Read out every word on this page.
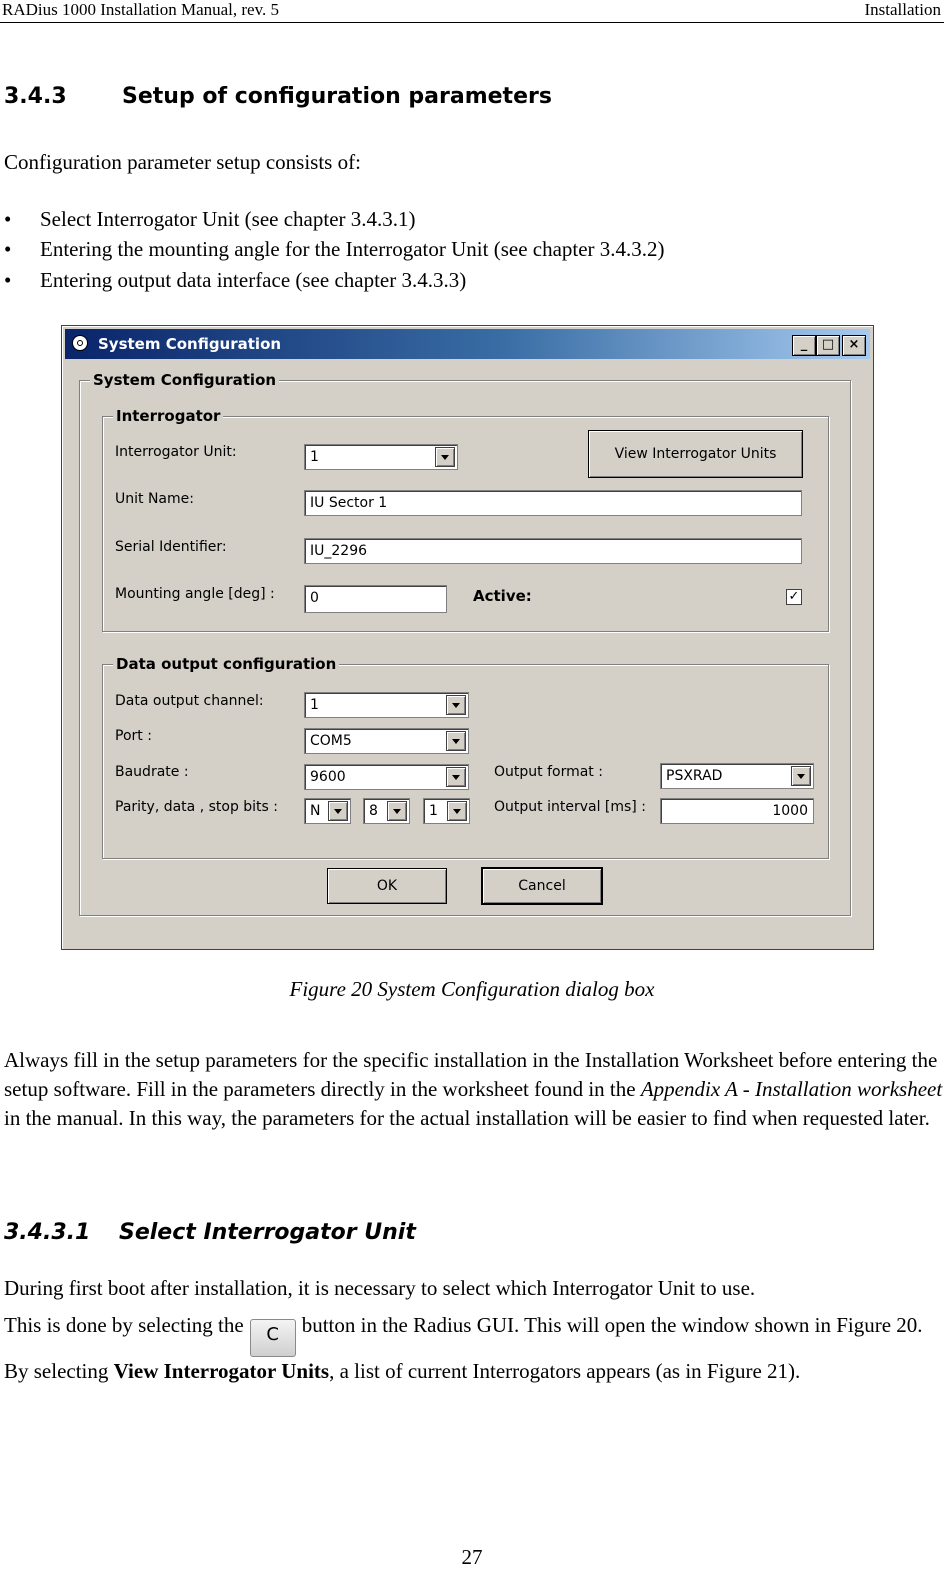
RADius 1000 Installation Manual, rev. 5	Installation
3.4.3	Setup of configuration parameters
Configuration parameter setup consists of:
• Select Interrogator Unit (see chapter 3.4.3.1)
• Entering the mounting angle for the Interrogator Unit (see chapter 3.4.3.2)
• Entering output data interface (see chapter 3.4.3.3)
System Configuration	_	□	×
System Configuration
Interrogator
Interrogator Unit:	1	View Interrogator Units
Unit Name:	IU Sector 1
Serial Identifier:	IU_2296
Mounting angle [deg] :	0	Active:	✓
Data output configuration
Data output channel:	1
Port :	COM5
Baudrate :	9600
Parity, data , stop bits :	N	8	1
Output format :	PSXRAD
Output interval [ms] :	1000
OK	Cancel
Figure 20 System Configuration dialog box
Always fill in the setup parameters for the specific installation in the Installation Worksheet before entering the setup software. Fill in the parameters directly in the worksheet found in the Appendix A - Installation worksheet in the manual. In this way, the parameters for the actual installation will be easier to find when requested later.
3.4.3.1 Select Interrogator Unit
During first boot after installation, it is necessary to select which Interrogator Unit to use.
This is done by selecting the C button in the Radius GUI. This will open the window shown in Figure 20. By selecting View Interrogator Units, a list of current Interrogators appears (as in Figure 21).
27
